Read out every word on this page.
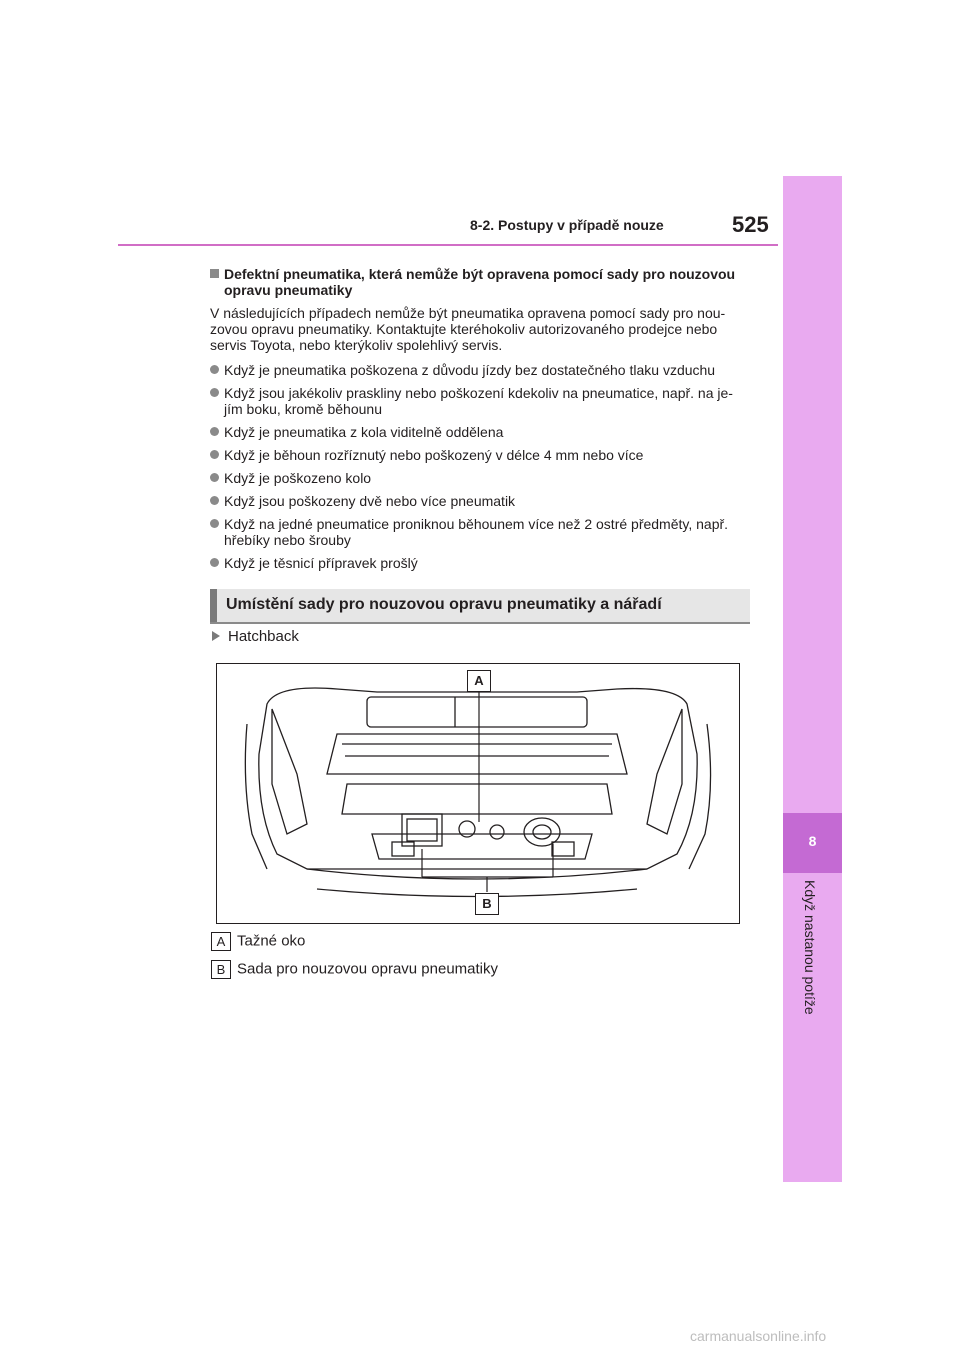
8-2. Postupy v případě nouze	525
8
Když nastanou potíže
Defektní pneumatika, která nemůže být opravena pomocí sady pro nouzovou opravu pneumatiky
V následujících případech nemůže být pneumatika opravena pomocí sady pro nou-zovou opravu pneumatiky. Kontaktujte kteréhokoliv autorizovaného prodejce nebo servis Toyota, nebo kterýkoliv spolehlivý servis.
Když je pneumatika poškozena z důvodu jízdy bez dostatečného tlaku vzduchu
Když jsou jakékoliv praskliny nebo poškození kdekoliv na pneumatice, např. na je-jím boku, kromě běhounu
Když je pneumatika z kola viditelně oddělena
Když je běhoun rozříznutý nebo poškozený v délce 4 mm nebo více
Když je poškozeno kolo
Když jsou poškozeny dvě nebo více pneumatik
Když na jedné pneumatice proniknou běhounem více než 2 ostré předměty, např. hřebíky nebo šrouby
Když je těsnicí přípravek prošlý
Umístění sady pro nouzovou opravu pneumatiky a nářadí
Hatchback
A
B
A Tažné oko
B Sada pro nouzovou opravu pneumatiky
carmanualsonline.info
